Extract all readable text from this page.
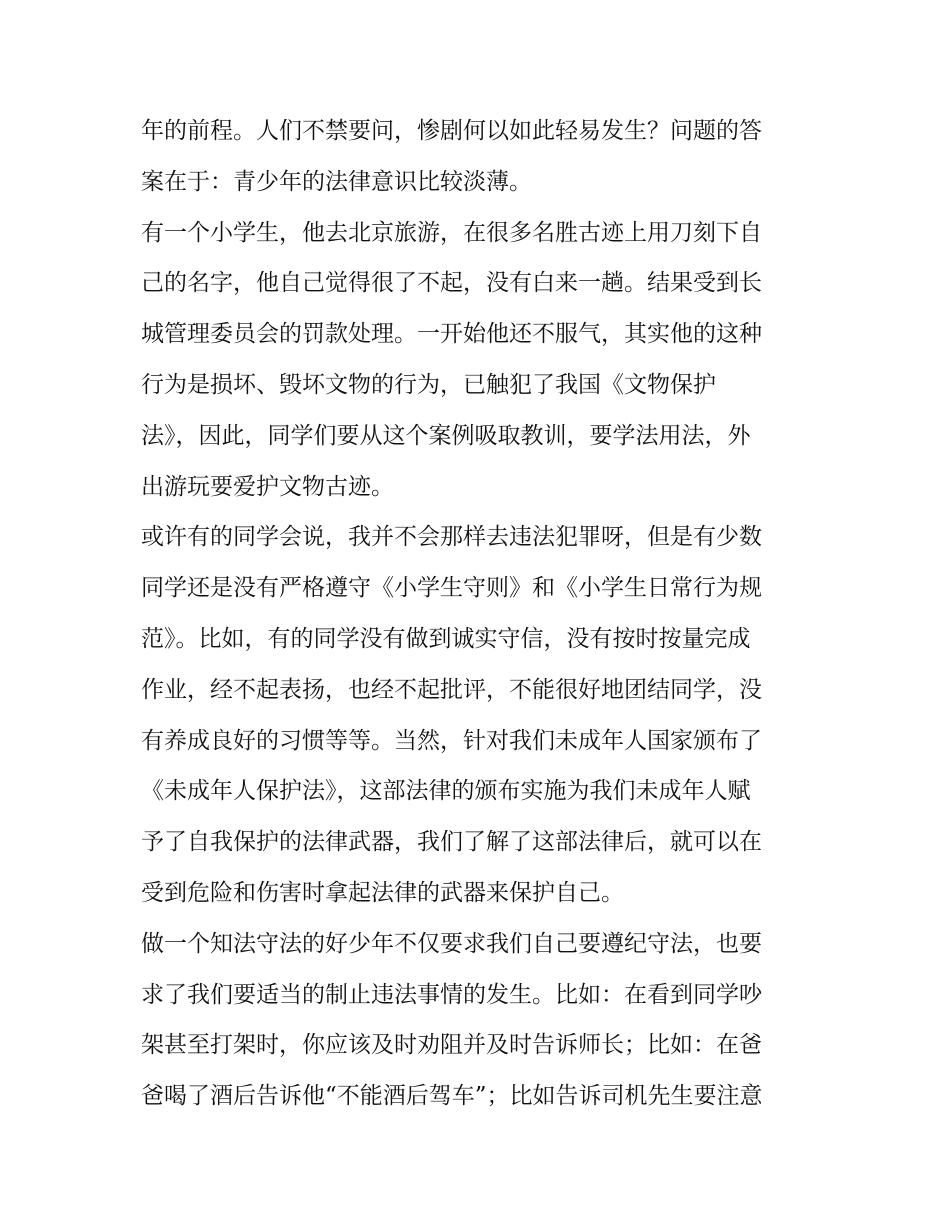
年的前程。人们不禁要问，惨剧何以如此轻易发生？问题的答
案在于：青少年的法律意识比较淡薄。
有一个小学生，他去北京旅游，在很多名胜古迹上用刀刻下自
己的名字，他自己觉得很了不起，没有白来一趟。结果受到长
城管理委员会的罚款处理。一开始他还不服气，其实他的这种
行为是损坏、毁坏文物的行为，已触犯了我国《文物保护
法》，因此，同学们要从这个案例吸取教训，要学法用法，外
出游玩要爱护文物古迹。
或许有的同学会说，我并不会那样去违法犯罪呀，但是有少数
同学还是没有严格遵守《小学生守则》和《小学生日常行为规
范》。比如，有的同学没有做到诚实守信，没有按时按量完成
作业，经不起表扬，也经不起批评，不能很好地团结同学，没
有养成良好的习惯等等。当然，针对我们未成年人国家颁布了
《未成年人保护法》，这部法律的颁布实施为我们未成年人赋
予了自我保护的法律武器，我们了解了这部法律后，就可以在
受到危险和伤害时拿起法律的武器来保护自己。
做一个知法守法的好少年不仅要求我们自己要遵纪守法，也要
求了我们要适当的制止违法事情的发生。比如：在看到同学吵
架甚至打架时，你应该及时劝阻并及时告诉师长；比如：在爸
爸喝了酒后告诉他“不能酒后驾车”；比如告诉司机先生要注意
